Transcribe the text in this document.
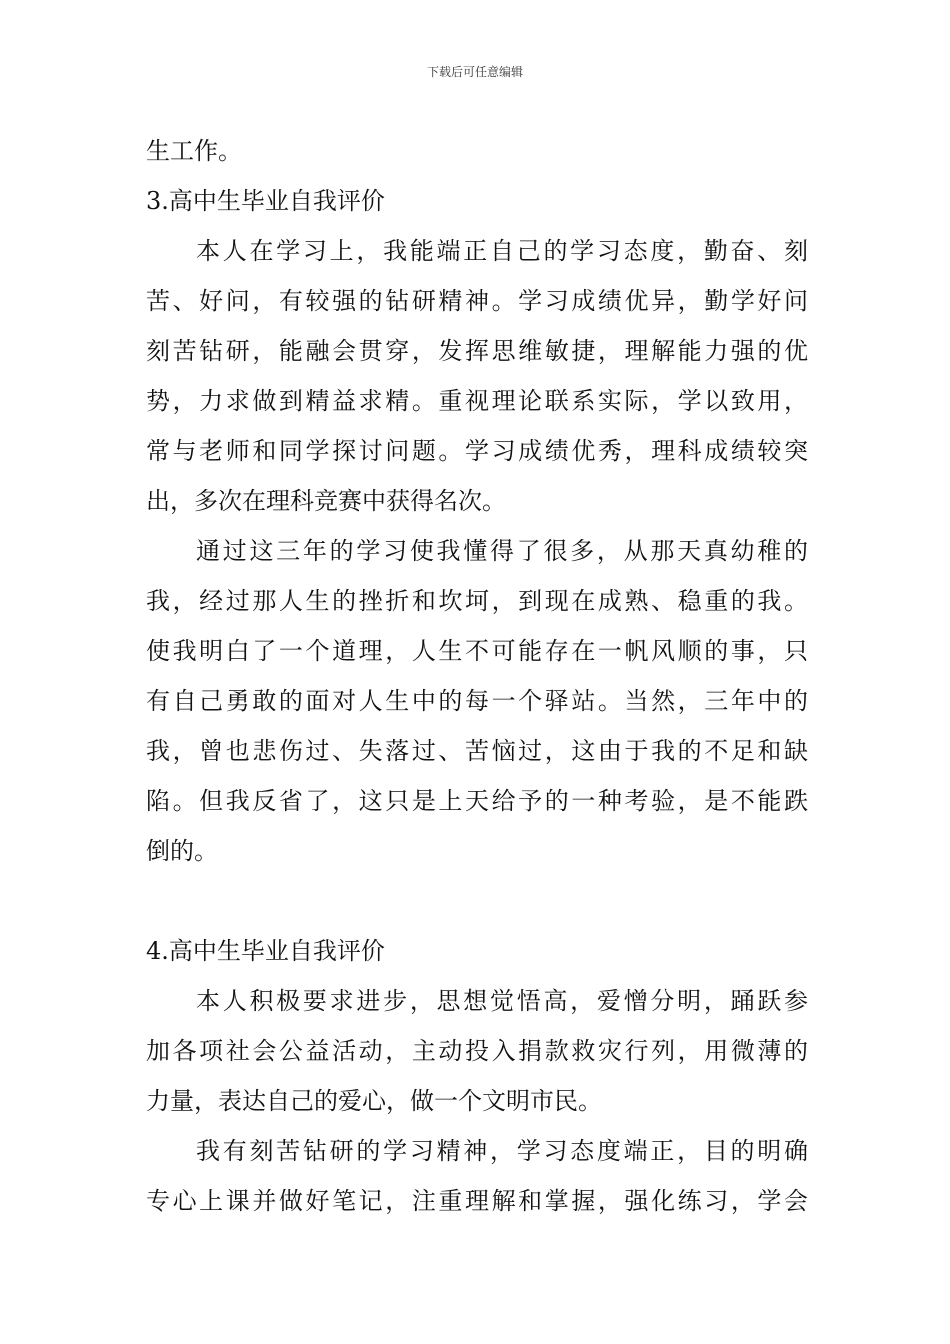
下载后可任意编辑
生工作。
3.高中生毕业自我评价
本人在学习上，我能端正自己的学习态度，勤奋、刻
苦、好问，有较强的钻研精神。学习成绩优异，勤学好问
刻苦钻研，能融会贯穿，发挥思维敏捷，理解能力强的优
势，力求做到精益求精。重视理论联系实际，学以致用，
常与老师和同学探讨问题。学习成绩优秀，理科成绩较突
出，多次在理科竞赛中获得名次。
通过这三年的学习使我懂得了很多，从那天真幼稚的
我，经过那人生的挫折和坎坷，到现在成熟、稳重的我。
使我明白了一个道理，人生不可能存在一帆风顺的事，只
有自己勇敢的面对人生中的每一个驿站。当然，三年中的
我，曾也悲伤过、失落过、苦恼过，这由于我的不足和缺
陷。但我反省了，这只是上天给予的一种考验，是不能跌
倒的。
4.高中生毕业自我评价
本人积极要求进步，思想觉悟高，爱憎分明，踊跃参
加各项社会公益活动，主动投入捐款救灾行列，用微薄的
力量，表达自己的爱心，做一个文明市民。
我有刻苦钻研的学习精神，学习态度端正，目的明确
专心上课并做好笔记，注重理解和掌握，强化练习，学会
